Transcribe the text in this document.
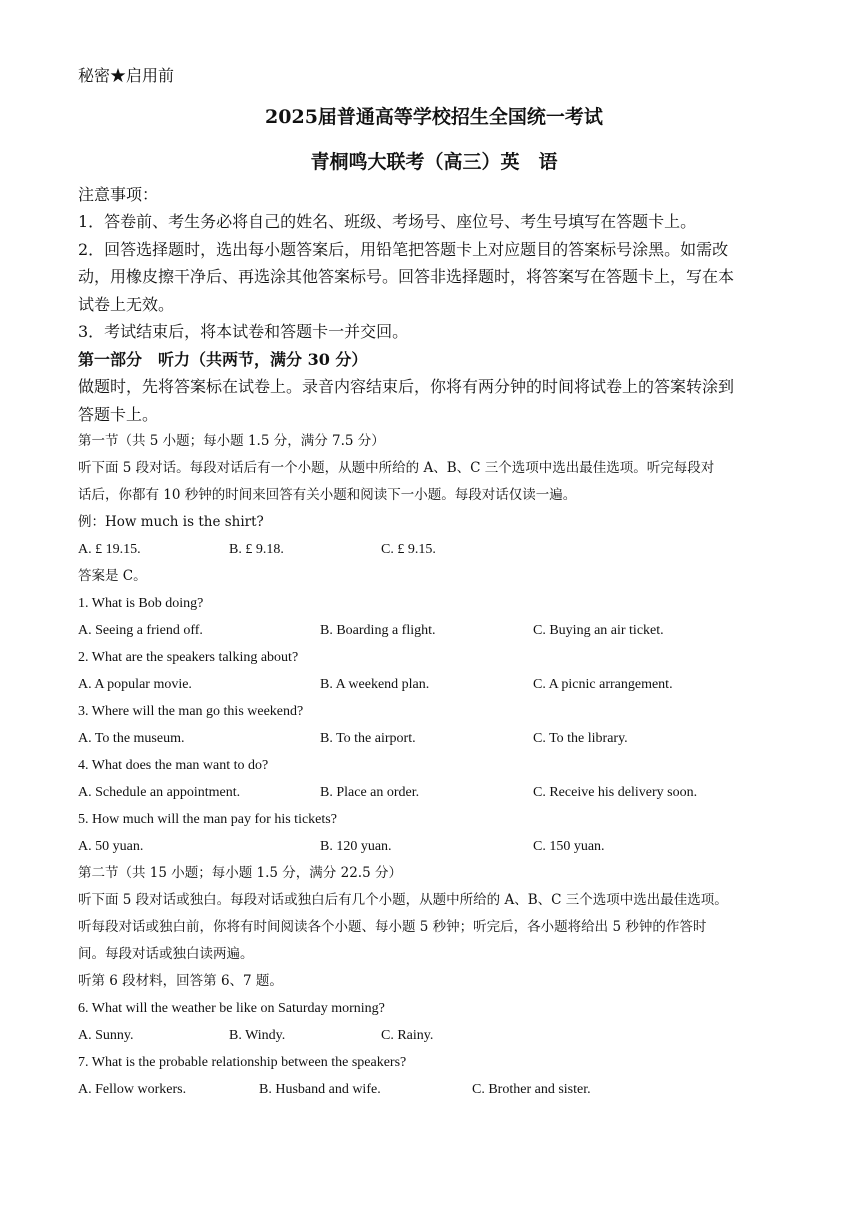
秘密★启用前
2025届普通高等学校招生全国统一考试
青桐鸣大联考（高三）英　语
注意事项：
1．答卷前、考生务必将自己的姓名、班级、考场号、座位号、考生号填写在答题卡上。
2．回答选择题时，选出每小题答案后，用铅笔把答题卡上对应题目的答案标号涂黑。如需改
动，用橡皮擦干净后、再选涂其他答案标号。回答非选择题时，将答案写在答题卡上，写在本
试卷上无效。
3．考试结束后，将本试卷和答题卡一并交回。
第一部分　听力（共两节，满分 30 分）
做题时，先将答案标在试卷上。录音内容结束后，你将有两分钟的时间将试卷上的答案转涂到
答题卡上。
第一节（共 5 小题；每小题 1.5 分，满分 7.5 分）
听下面 5 段对话。每段对话后有一个小题，从题中所给的 A、B、C 三个选项中选出最佳选项。听完每段对
话后，你都有 10 秒钟的时间来回答有关小题和阅读下一小题。每段对话仅读一遍。
例：How much is the shirt?
A. £ 19.15.	B. £ 9.18.	C. £ 9.15.
答案是 C。
1. What is Bob doing?
A. Seeing a friend off.	B. Boarding a flight.	C. Buying an air ticket.
2. What are the speakers talking about?
A. A popular movie.	B. A weekend plan.	C. A picnic arrangement.
3. Where will the man go this weekend?
A. To the museum.	B. To the airport.	C. To the library.
4. What does the man want to do?
A. Schedule an appointment.	B. Place an order.	C. Receive his delivery soon.
5. How much will the man pay for his tickets?
A. 50 yuan.	B. 120 yuan.	C. 150 yuan.
第二节（共 15 小题；每小题 1.5 分，满分 22.5 分）
听下面 5 段对话或独白。每段对话或独白后有几个小题，从题中所给的 A、B、C 三个选项中选出最佳选项。
听每段对话或独白前，你将有时间阅读各个小题、每小题 5 秒钟；听完后，各小题将给出 5 秒钟的作答时
间。每段对话或独白读两遍。
听第 6 段材料，回答第 6、7 题。
6. What will the weather be like on Saturday morning?
A. Sunny.	B. Windy.	C. Rainy.
7. What is the probable relationship between the speakers?
A. Fellow workers.	B. Husband and wife.	C. Brother and sister.
